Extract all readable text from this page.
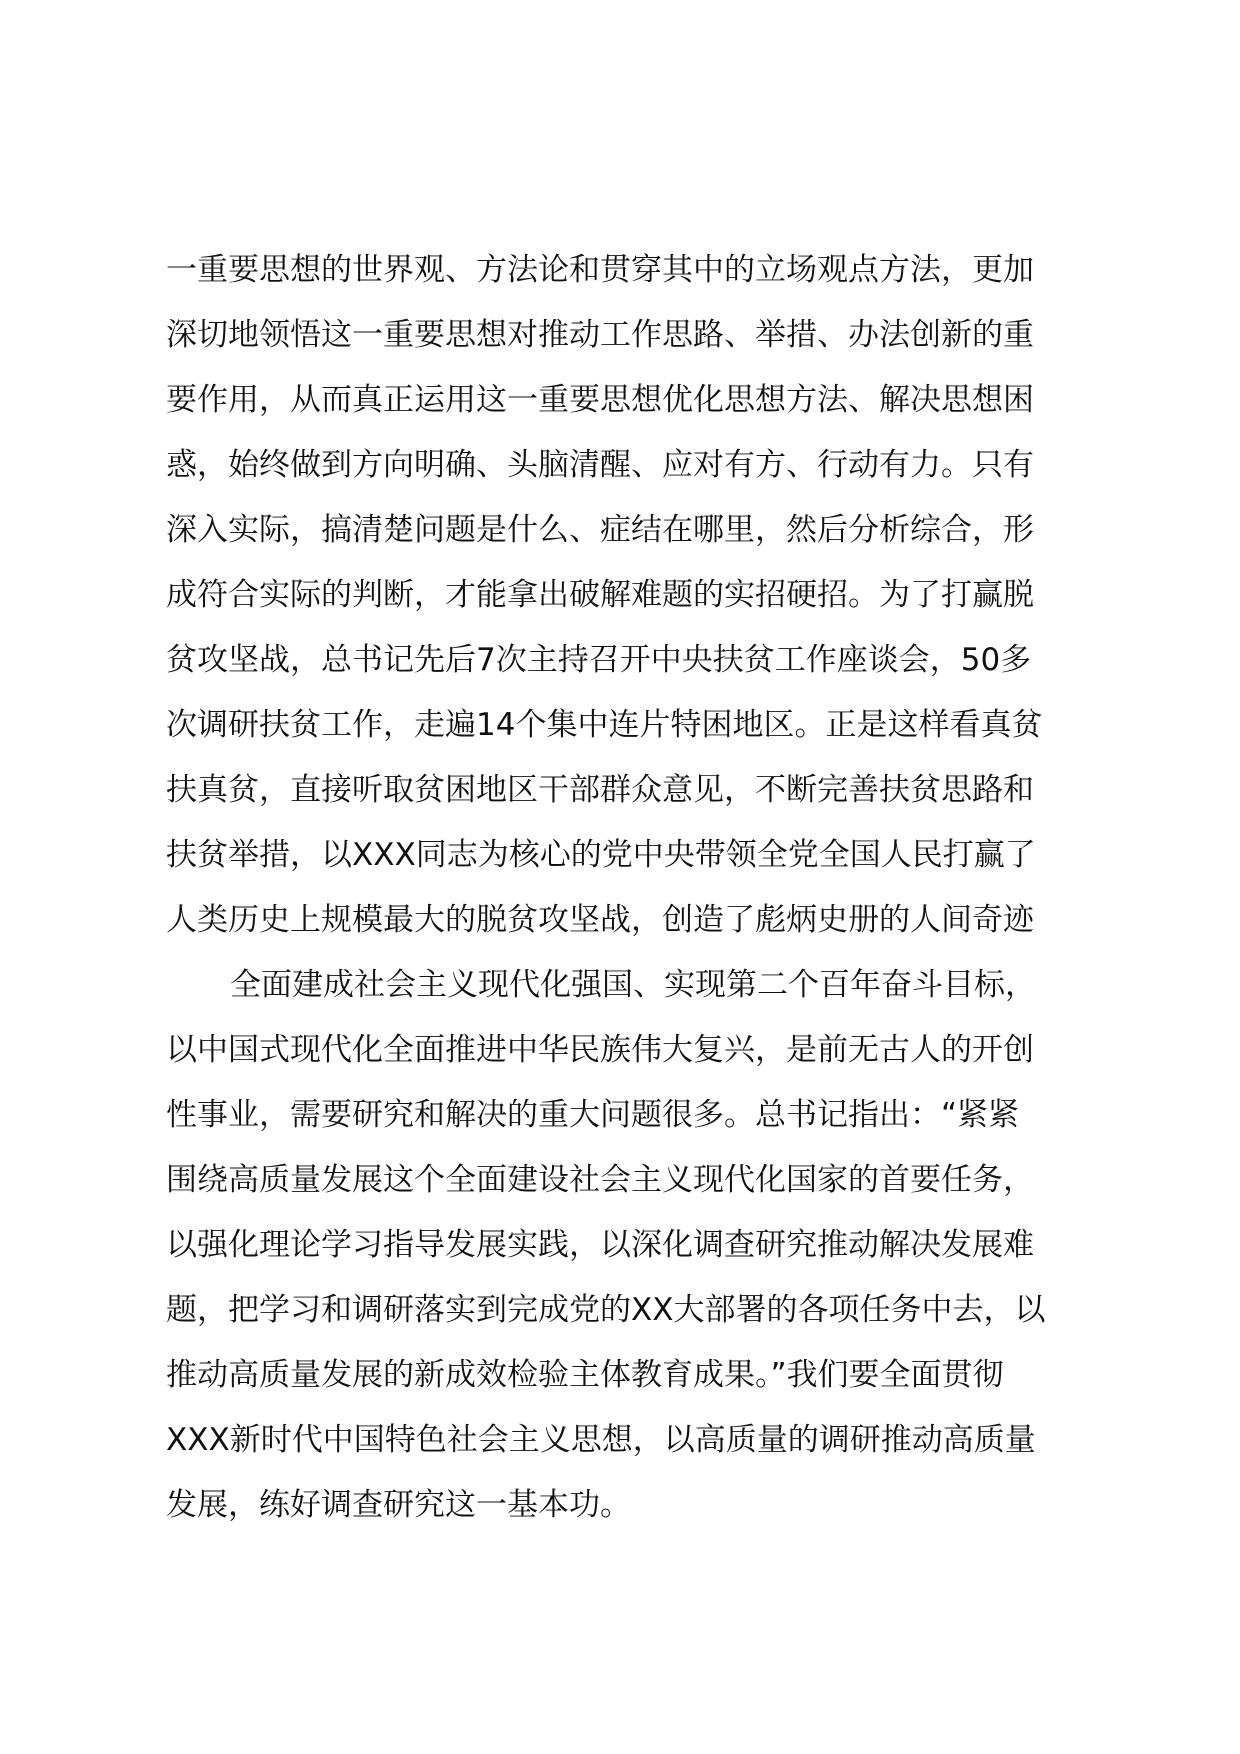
一重要思想的世界观、方法论和贯穿其中的立场观点方法，更加
深切地领悟这一重要思想对推动工作思路、举措、办法创新的重
要作用，从而真正运用这一重要思想优化思想方法、解决思想困
惑，始终做到方向明确、头脑清醒、应对有方、行动有力。只有
深入实际，搞清楚问题是什么、症结在哪里，然后分析综合，形
成符合实际的判断，才能拿出破解难题的实招硬招。为了打赢脱
贫攻坚战，总书记先后7次主持召开中央扶贫工作座谈会，50多
次调研扶贫工作，走遍14个集中连片特困地区。正是这样看真贫
扶真贫，直接听取贫困地区干部群众意见，不断完善扶贫思路和
扶贫举措，以XXX同志为核心的党中央带领全党全国人民打赢了
人类历史上规模最大的脱贫攻坚战，创造了彪炳史册的人间奇迹
全面建成社会主义现代化强国、实现第二个百年奋斗目标，
以中国式现代化全面推进中华民族伟大复兴，是前无古人的开创
性事业，需要研究和解决的重大问题很多。总书记指出：“紧紧
围绕高质量发展这个全面建设社会主义现代化国家的首要任务，
以强化理论学习指导发展实践，以深化调查研究推动解决发展难
题，把学习和调研落实到完成党的XX大部署的各项任务中去，以
推动高质量发展的新成效检验主体教育成果。”我们要全面贯彻
XXX新时代中国特色社会主义思想，以高质量的调研推动高质量
发展，练好调查研究这一基本功。
